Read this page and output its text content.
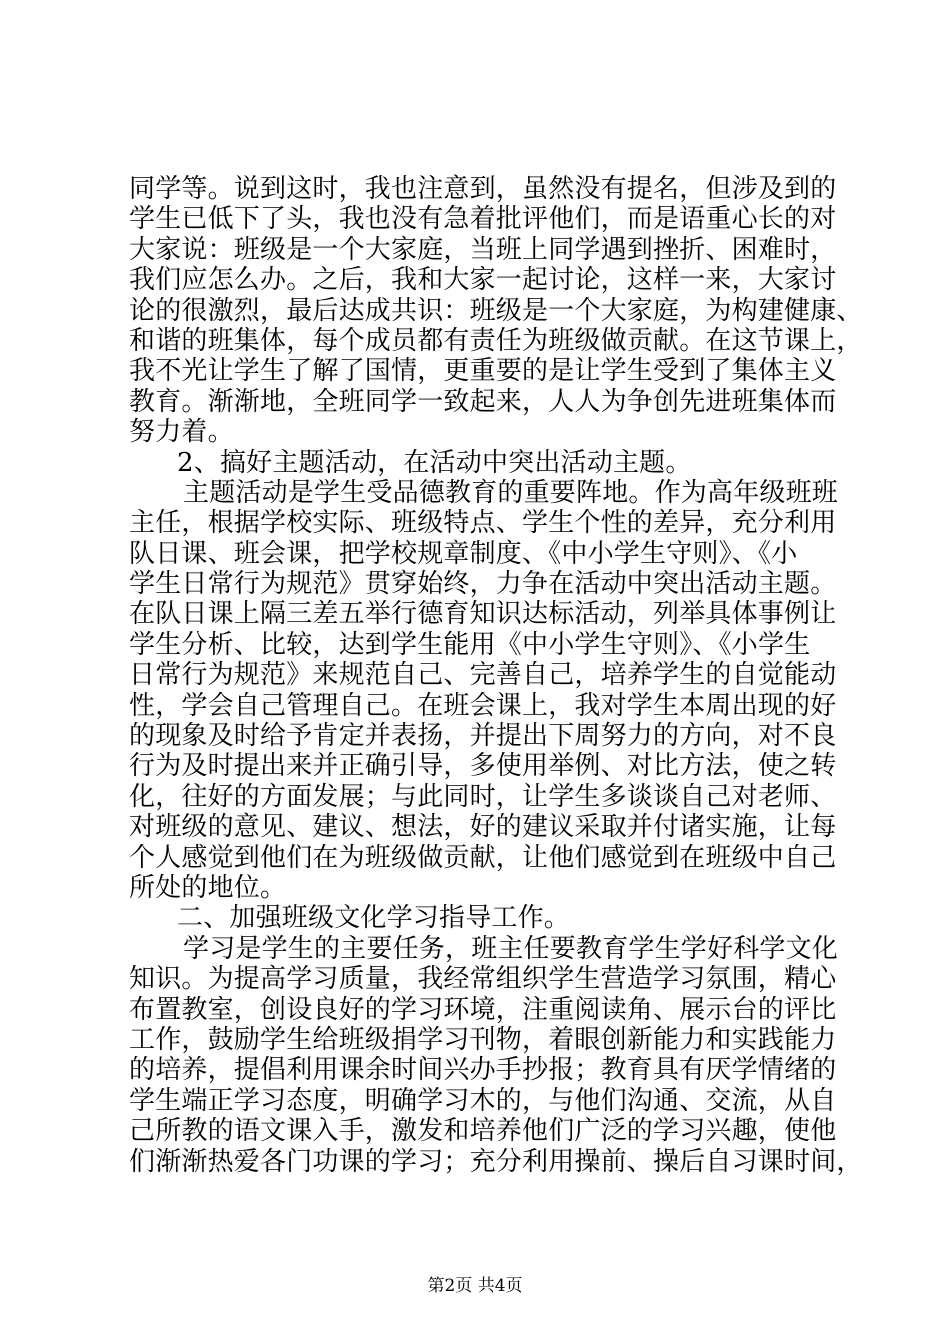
同学等。说到这时，我也注意到，虽然没有提名，但涉及到的
学生已低下了头，我也没有急着批评他们，而是语重心长的对
大家说：班级是一个大家庭，当班上同学遇到挫折、困难时，
我们应怎么办。之后，我和大家一起讨论，这样一来，大家讨
论的很激烈，最后达成共识：班级是一个大家庭，为构建健康、
和谐的班集体，每个成员都有责任为班级做贡献。在这节课上，
我不光让学生了解了国情，更重要的是让学生受到了集体主义
教育。渐渐地，全班同学一致起来，人人为争创先进班集体而
努力着。
2、搞好主题活动，在活动中突出活动主题。
主题活动是学生受品德教育的重要阵地。作为高年级班班
主任，根据学校实际、班级特点、学生个性的差异，充分利用
队日课、班会课，把学校规章制度、《中小学生守则》、《小
学生日常行为规范》贯穿始终，力争在活动中突出活动主题。
在队日课上隔三差五举行德育知识达标活动，列举具体事例让
学生分析、比较，达到学生能用《中小学生守则》、《小学生
日常行为规范》来规范自己、完善自己，培养学生的自觉能动
性，学会自己管理自己。在班会课上，我对学生本周出现的好
的现象及时给予肯定并表扬，并提出下周努力的方向，对不良
行为及时提出来并正确引导，多使用举例、对比方法，使之转
化，往好的方面发展；与此同时，让学生多谈谈自己对老师、
对班级的意见、建议、想法，好的建议采取并付诸实施，让每
个人感觉到他们在为班级做贡献，让他们感觉到在班级中自己
所处的地位。
二、加强班级文化学习指导工作。
学习是学生的主要任务，班主任要教育学生学好科学文化
知识。为提高学习质量，我经常组织学生营造学习氛围，精心
布置教室，创设良好的学习环境，注重阅读角、展示台的评比
工作，鼓励学生给班级捐学习刊物，着眼创新能力和实践能力
的培养，提倡利用课余时间兴办手抄报；教育具有厌学情绪的
学生端正学习态度，明确学习木的，与他们沟通、交流，从自
己所教的语文课入手，激发和培养他们广泛的学习兴趣，使他
们渐渐热爱各门功课的学习；充分利用操前、操后自习课时间，
第2页 共4页
